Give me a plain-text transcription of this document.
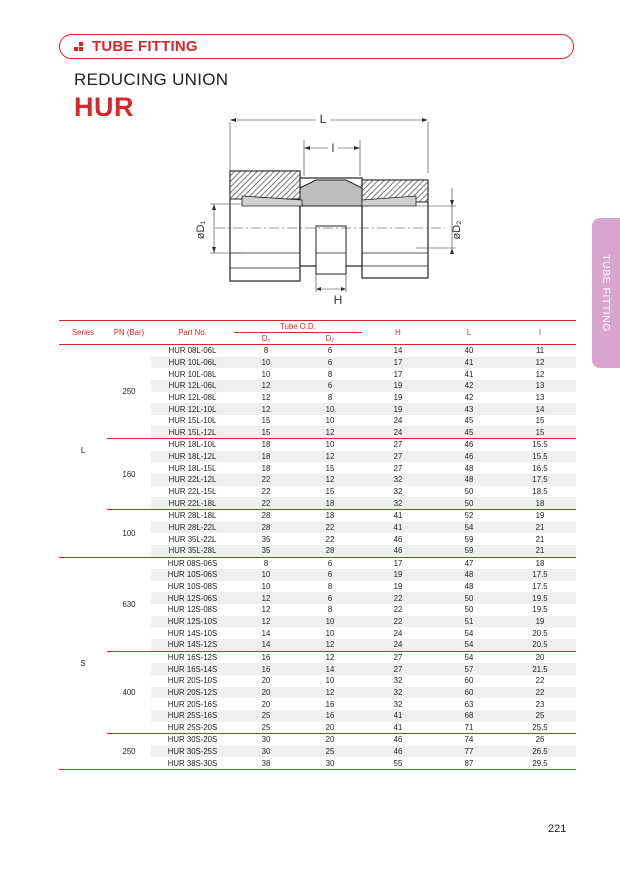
TUBE FITTING
REDUCING UNION
HUR
TUBE FITTING
L
l
øD₁	øD₂
H
Series	PN (Bar)	Part No.	Tube O.D.		H	L	l
			D₁	D₂			
L	250	HUR 08L-06L	8	6	14	40	11
		HUR 10L-06L	10	6	17	41	12
		HUR 10L-08L	10	8	17	41	12
		HUR 12L-06L	12	6	19	42	13
		HUR 12L-08L	12	8	19	42	13
		HUR 12L-10L	12	10	19	43	14
		HUR 15L-10L	15	10	24	45	15
		HUR 15L-12L	15	12	24	45	15
	160	HUR 18L-10L	18	10	27	46	15.5
		HUR 18L-12L	18	12	27	46	15.5
		HUR 18L-15L	18	15	27	48	16.5
		HUR 22L-12L	22	12	32	48	17.5
		HUR 22L-15L	22	15	32	50	18.5
		HUR 22L-18L	22	18	32	50	18
	100	HUR 28L-18L	28	18	41	52	19
		HUR 28L-22L	28	22	41	54	21
		HUR 35L-22L	35	22	46	59	21
		HUR 35L-28L	35	28	46	59	21
S	630	HUR 08S-06S	8	6	17	47	18
		HUR 10S-06S	10	6	19	48	17.5
		HUR 10S-08S	10	8	19	48	17.5
		HUR 12S-06S	12	6	22	50	19.5
		HUR 12S-08S	12	8	22	50	19.5
		HUR 12S-10S	12	10	22	51	19
		HUR 14S-10S	14	10	24	54	20.5
		HUR 14S-12S	14	12	24	54	20.5
	400	HUR 16S-12S	16	12	27	54	20
		HUR 16S-14S	16	14	27	57	21.5
		HUR 20S-10S	20	10	32	60	22
		HUR 20S-12S	20	12	32	60	22
		HUR 20S-16S	20	16	32	63	23
		HUR 25S-16S	25	16	41	68	25
		HUR 25S-20S	25	20	41	71	25.5
	250	HUR 30S-20S	30	20	46	74	26
		HUR 30S-25S	30	25	46	77	26.5
		HUR 38S-30S	38	30	55	87	29.5
221
